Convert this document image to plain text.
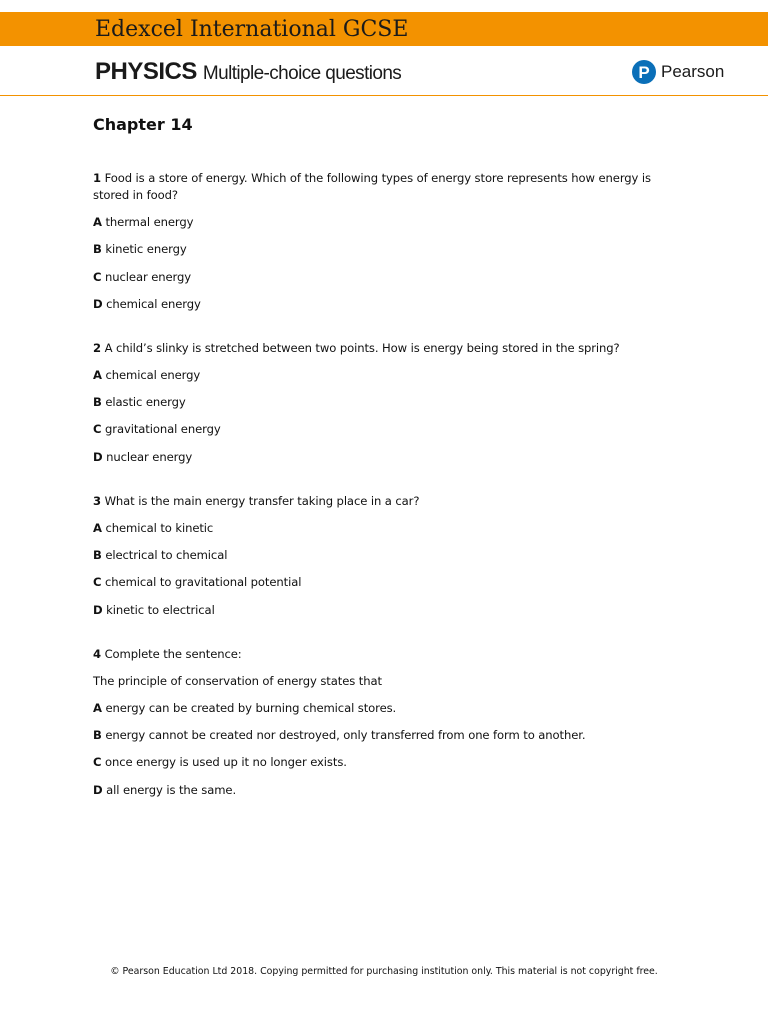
Edexcel International GCSE
PHYSICS Multiple-choice questions	P Pearson
Chapter 14
1 Food is a store of energy. Which of the following types of energy store represents how energy is stored in food?
A thermal energy
B kinetic energy
C nuclear energy
D chemical energy
2 A child’s slinky is stretched between two points. How is energy being stored in the spring?
A chemical energy
B elastic energy
C gravitational energy
D nuclear energy
3 What is the main energy transfer taking place in a car?
A chemical to kinetic
B electrical to chemical
C chemical to gravitational potential
D kinetic to electrical
4 Complete the sentence:
The principle of conservation of energy states that
A energy can be created by burning chemical stores.
B energy cannot be created nor destroyed, only transferred from one form to another.
C once energy is used up it no longer exists.
D all energy is the same.
© Pearson Education Ltd 2018. Copying permitted for purchasing institution only. This material is not copyright free.
